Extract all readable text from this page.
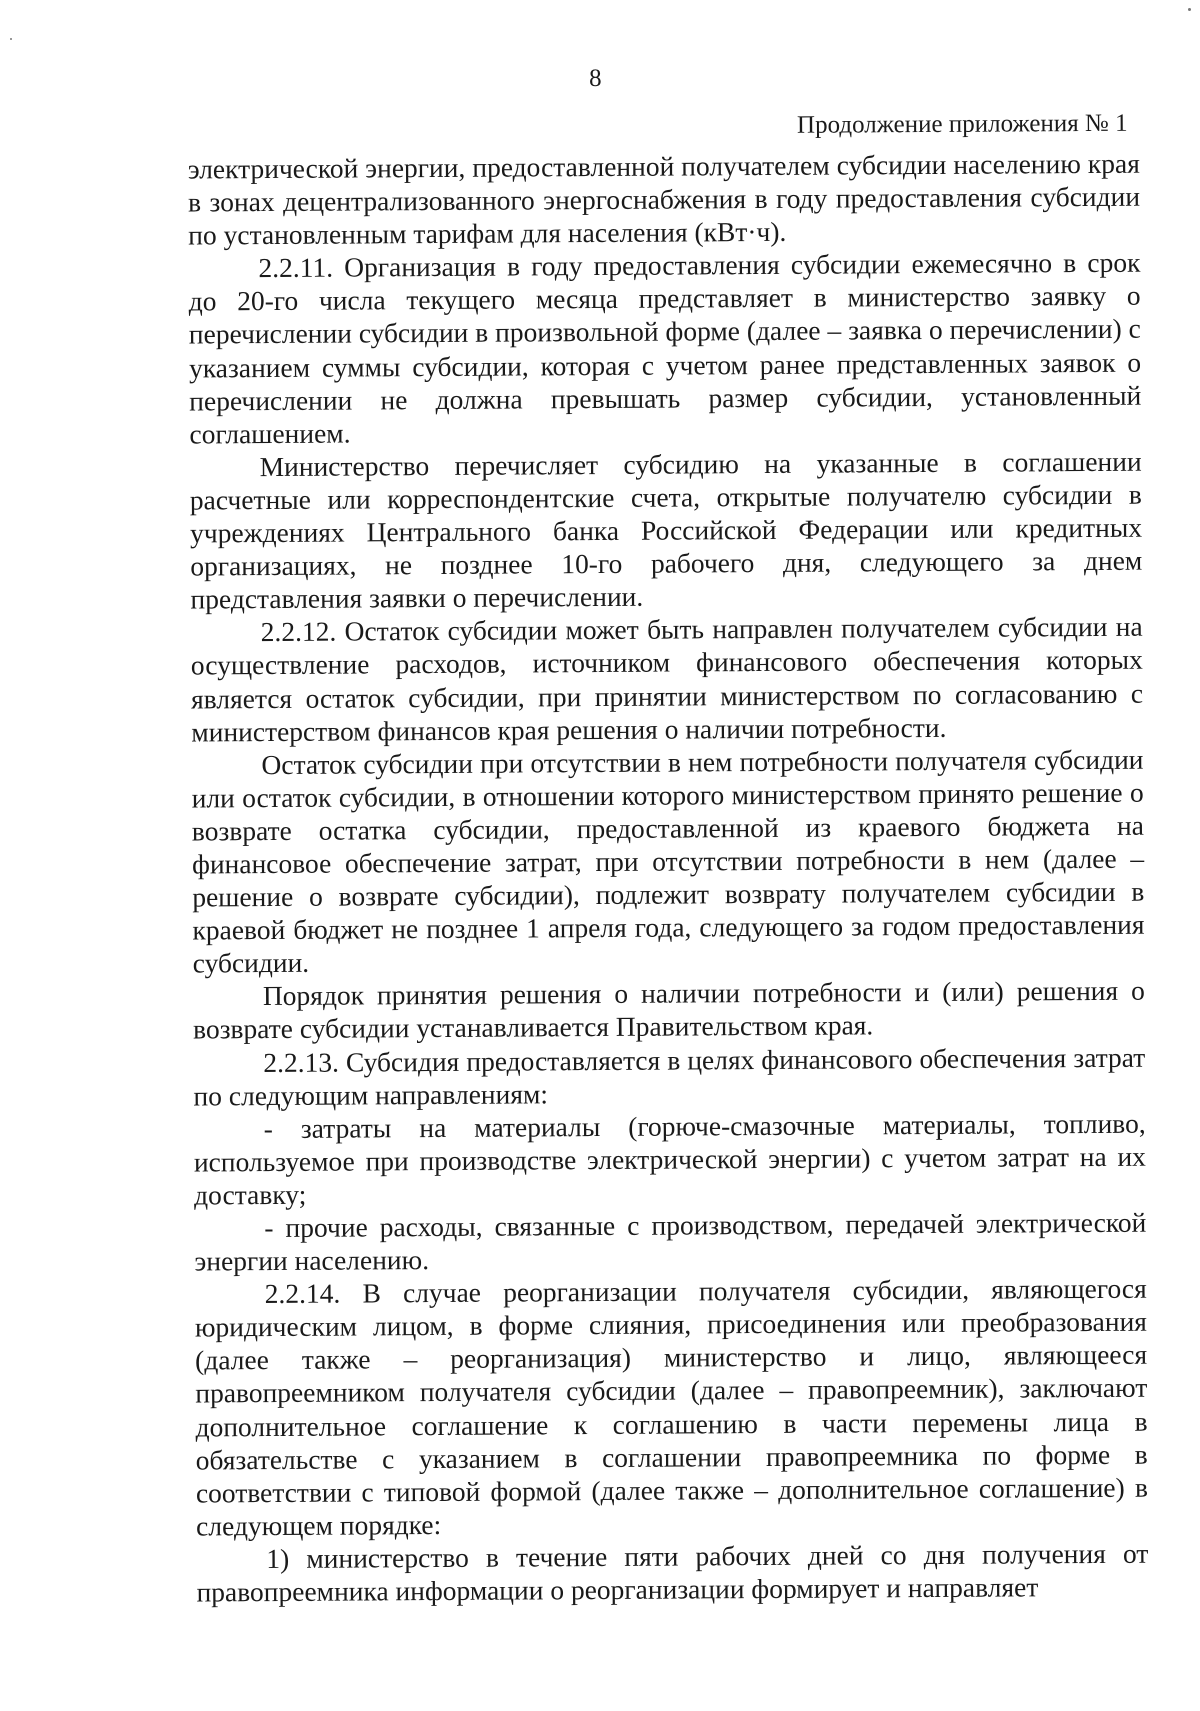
8
Продолжение приложения № 1

электрической энергии, предоставленной получателем субсидии населению края в зонах децентрализованного энергоснабжения в году предоставления субсидии по установленным тарифам для населения (кВт·ч).

2.2.11. Организация в году предоставления субсидии ежемесячно в срок до 20-го числа текущего месяца представляет в министерство заявку о перечислении субсидии в произвольной форме (далее – заявка о перечислении) с указанием суммы субсидии, которая с учетом ранее представленных заявок о перечислении не должна превышать размер субсидии, установленный соглашением.

Министерство перечисляет субсидию на указанные в соглашении расчетные или корреспондентские счета, открытые получателю субсидии в учреждениях Центрального банка Российской Федерации или кредитных организациях, не позднее 10-го рабочего дня, следующего за днем представления заявки о перечислении.

2.2.12. Остаток субсидии может быть направлен получателем субсидии на осуществление расходов, источником финансового обеспечения которых является остаток субсидии, при принятии министерством по согласованию с министерством финансов края решения о наличии потребности.

Остаток субсидии при отсутствии в нем потребности получателя субсидии или остаток субсидии, в отношении которого министерством принято решение о возврате остатка субсидии, предоставленной из краевого бюджета на финансовое обеспечение затрат, при отсутствии потребности в нем (далее – решение о возврате субсидии), подлежит возврату получателем субсидии в краевой бюджет не позднее 1 апреля года, следующего за годом предоставления субсидии.

Порядок принятия решения о наличии потребности и (или) решения о возврате субсидии устанавливается Правительством края.

2.2.13. Субсидия предоставляется в целях финансового обеспечения затрат по следующим направлениям:

- затраты на материалы (горюче-смазочные материалы, топливо, используемое при производстве электрической энергии) с учетом затрат на их доставку;

- прочие расходы, связанные с производством, передачей электрической энергии населению.

2.2.14. В случае реорганизации получателя субсидии, являющегося юридическим лицом, в форме слияния, присоединения или преобразования (далее также – реорганизация) министерство и лицо, являющееся правопреемником получателя субсидии (далее – правопреемник), заключают дополнительное соглашение к соглашению в части перемены лица в обязательстве с указанием в соглашении правопреемника по форме в соответствии с типовой формой (далее также – дополнительное соглашение) в следующем порядке:

1) министерство в течение пяти рабочих дней со дня получения от правопреемника информации о реорганизации формирует и направляет
